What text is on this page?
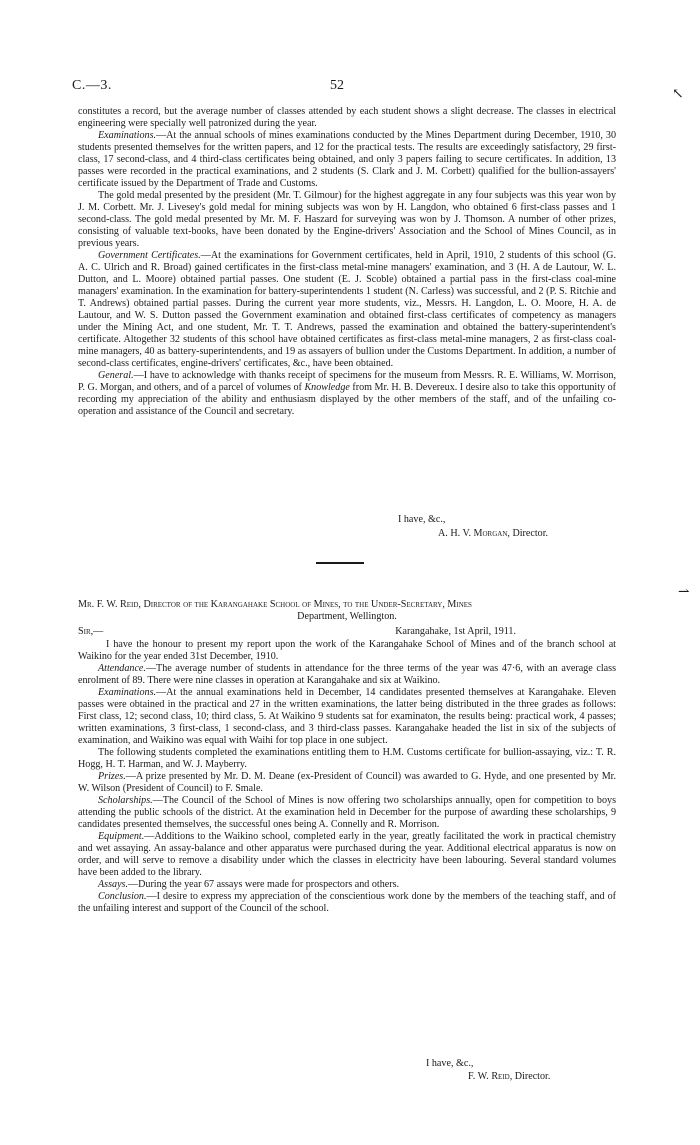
C.—3.	52
↖
⇀

constitutes a record, but the average number of classes attended by each student shows a slight decrease. The classes in electrical engineering were specially well patronized during the year.

Examinations.—At the annual schools of mines examinations conducted by the Mines Department during December, 1910, 30 students presented themselves for the written papers, and 12 for the practical tests. The results are exceedingly satisfactory, 29 first-class, 17 second-class, and 4 third-class certificates being obtained, and only 3 papers failing to secure certificates. In addition, 13 passes were recorded in the practical examinations, and 2 students (S. Clark and J. M. Corbett) qualified for the bullion-assayers' certificate issued by the Department of Trade and Customs.

The gold medal presented by the president (Mr. T. Gilmour) for the highest aggregate in any four subjects was this year won by J. M. Corbett. Mr. J. Livesey's gold medal for mining subjects was won by H. Langdon, who obtained 6 first-class passes and 1 second-class. The gold medal presented by Mr. M. F. Haszard for surveying was won by J. Thomson. A number of other prizes, consisting of valuable text-books, have been donated by the Engine-drivers' Association and the School of Mines Council, as in previous years.

Government Certificates.—At the examinations for Government certificates, held in April, 1910, 2 students of this school (G. A. C. Ulrich and R. Broad) gained certificates in the first-class metal-mine managers' examination, and 3 (H. A de Lautour, W. L. Dutton, and L. Moore) obtained partial passes. One student (E. J. Scoble) obtained a partial pass in the first-class coal-mine managers' examination. In the examination for battery-superintendents 1 student (N. Carless) was successful, and 2 (P. S. Ritchie and T. Andrews) obtained partial passes. During the current year more students, viz., Messrs. H. Langdon, L. O. Moore, H. A. de Lautour, and W. S. Dutton passed the Government examination and obtained first-class certificates of competency as managers under the Mining Act, and one student, Mr. T. T. Andrews, passed the examination and obtained the battery-superintendent's certificate. Altogether 32 students of this school have obtained certificates as first-class metal-mine managers, 2 as first-class coal-mine managers, 40 as battery-superintendents, and 19 as assayers of bullion under the Customs Department. In addition, a number of second-class certificates, engine-drivers' certificates, &c., have been obtained.

General.—I have to acknowledge with thanks receipt of specimens for the museum from Messrs. R. E. Williams, W. Morrison, P. G. Morgan, and others, and of a parcel of volumes of Knowledge from Mr. H. B. Devereux. I desire also to take this opportunity of recording my appreciation of the ability and enthusiasm displayed by the other members of the staff, and of the unfailing co-operation and assistance of the Council and secretary.

I have, &c.,
A. H. V. Morgan, Director.
Mr. F. W. Reid, Director of the Karangahake School of Mines, to the Under-Secretary, Mines
Department, Wellington.
Sir,—	Karangahake, 1st April, 1911.

I have the honour to present my report upon the work of the Karangahake School of Mines and of the branch school at Waikino for the year ended 31st December, 1910.

Attendance.—The average number of students in attendance for the three terms of the year was 47·6, with an average class enrolment of 89. There were nine classes in operation at Karangahake and six at Waikino.

Examinations.—At the annual examinations held in December, 14 candidates presented themselves at Karangahake. Eleven passes were obtained in the practical and 27 in the written examinations, the latter being distributed in the three grades as follows: First class, 12; second class, 10; third class, 5. At Waikino 9 students sat for examinaton, the results being: practical work, 4 passes; written examinations, 3 first-class, 1 second-class, and 3 third-class passes. Karangahake headed the list in six of the subjects of examination, and Waikino was equal with Waihi for top place in one subject.

The following students completed the examinations entitling them to H.M. Customs certificate for bullion-assaying, viz.: T. R. Hogg, H. T. Harman, and W. J. Mayberry.

Prizes.—A prize presented by Mr. D. M. Deane (ex-President of Council) was awarded to G. Hyde, and one presented by Mr. W. Wilson (President of Council) to F. Smale.

Scholarships.—The Council of the School of Mines is now offering two scholarships annually, open for competition to boys attending the public schools of the district. At the examination held in December for the purpose of awarding these scholarships, 9 candidates presented themselves, the successful ones being A. Connelly and R. Morrison.

Equipment.—Additions to the Waikino school, completed early in the year, greatly facilitated the work in practical chemistry and wet assaying. An assay-balance and other apparatus were purchased during the year. Additional electrical apparatus is now on order, and will serve to remove a disability under which the classes in electricity have been labouring. Several standard volumes have been added to the library.

Assays.—During the year 67 assays were made for prospectors and others.

Conclusion.—I desire to express my appreciation of the conscientious work done by the members of the teaching staff, and of the unfailing interest and support of the Council of the school.

I have, &c.,
F. W. Reid, Director.
